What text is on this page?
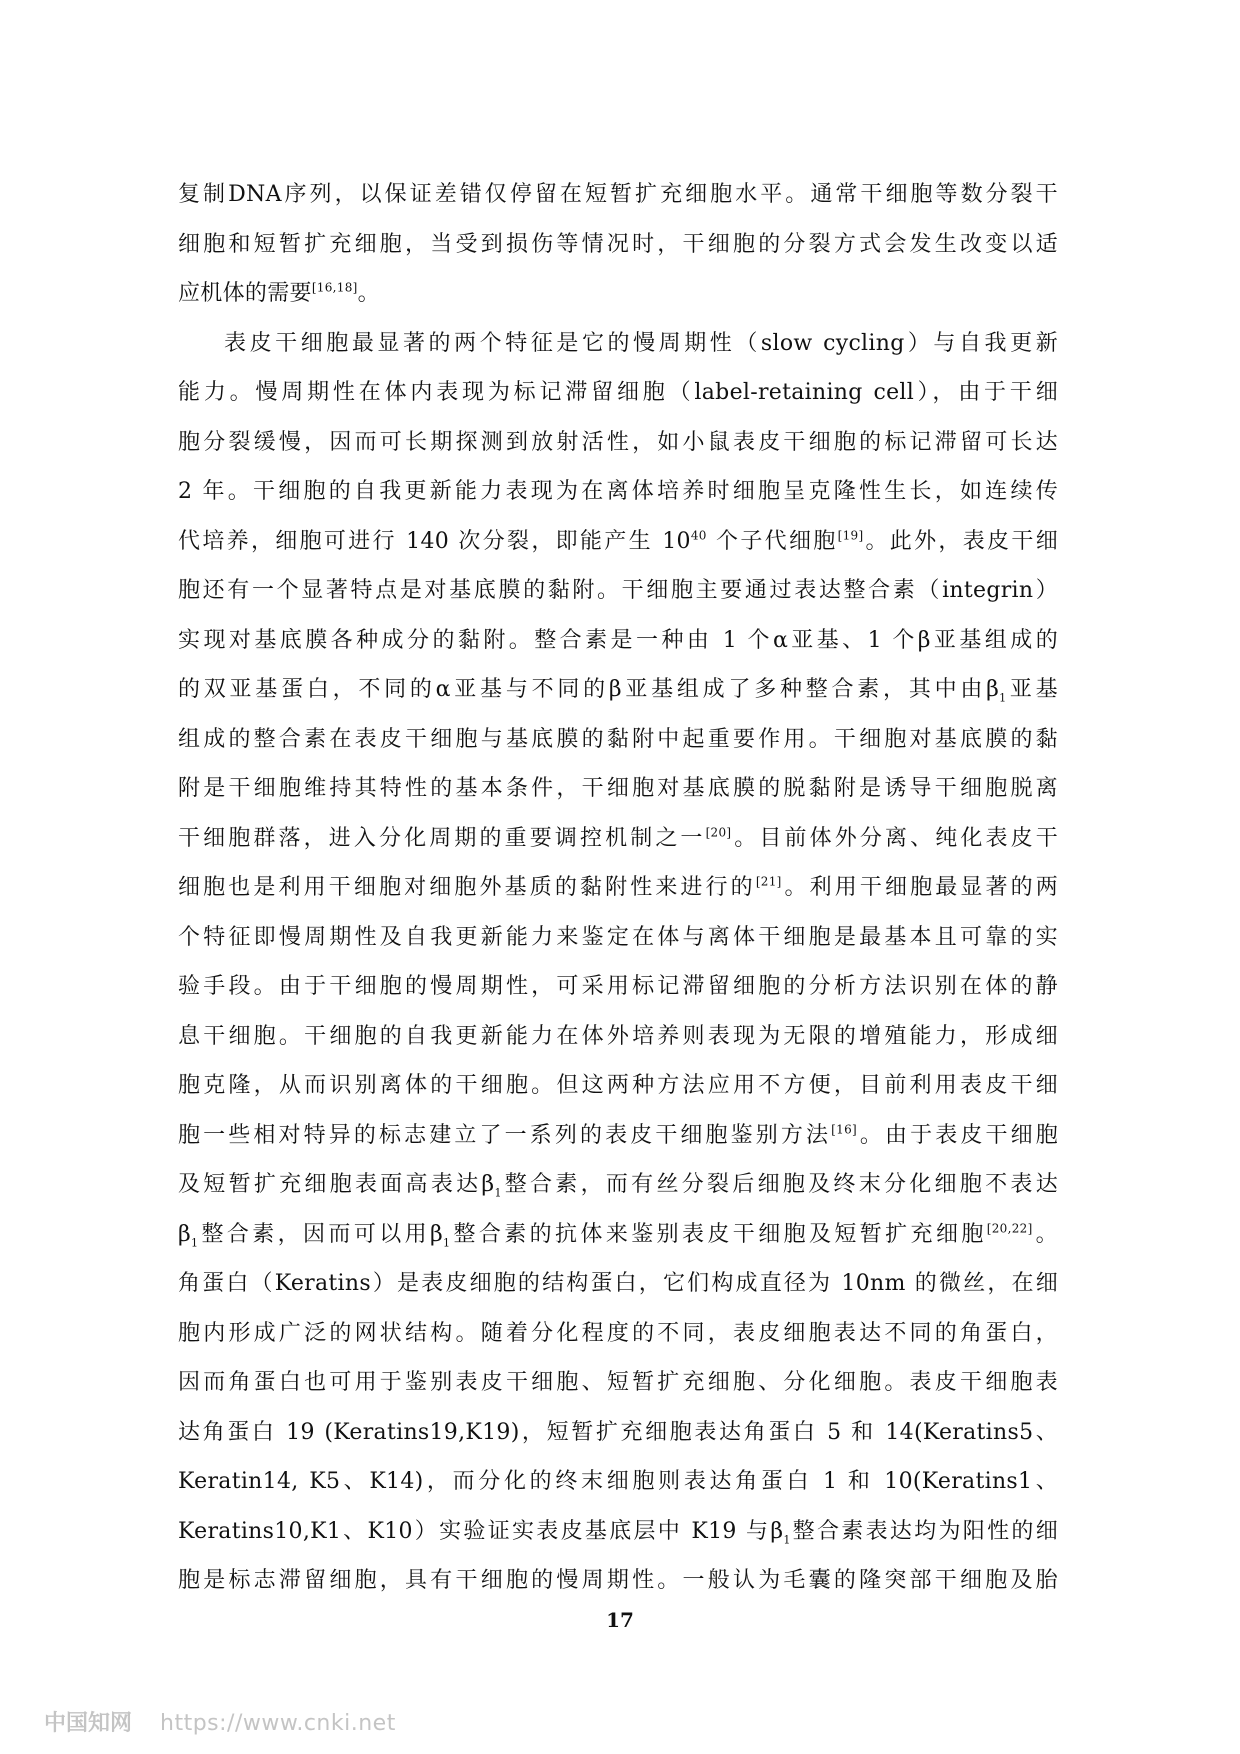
复制DNA序列，以保证差错仅停留在短暂扩充细胞水平。通常干细胞等数分裂干
细胞和短暂扩充细胞，当受到损伤等情况时，干细胞的分裂方式会发生改变以适
应机体的需要[16,18]。
表皮干细胞最显著的两个特征是它的慢周期性（slow cycling）与自我更新
能力。慢周期性在体内表现为标记滞留细胞（label-retaining cell），由于干细
胞分裂缓慢，因而可长期探测到放射活性，如小鼠表皮干细胞的标记滞留可长达
2 年。干细胞的自我更新能力表现为在离体培养时细胞呈克隆性生长，如连续传
代培养，细胞可进行 140 次分裂，即能产生 $10^{40}$ 个子代细胞[19]。此外，表皮干细
胞还有一个显著特点是对基底膜的黏附。干细胞主要通过表达整合素（integrin）
实现对基底膜各种成分的黏附。整合素是一种由 1 个α亚基、1 个β亚基组成的
的双亚基蛋白，不同的α亚基与不同的β亚基组成了多种整合素，其中由$\beta_1$亚基
组成的整合素在表皮干细胞与基底膜的黏附中起重要作用。干细胞对基底膜的黏
附是干细胞维持其特性的基本条件，干细胞对基底膜的脱黏附是诱导干细胞脱离
干细胞群落，进入分化周期的重要调控机制之一[20]。目前体外分离、纯化表皮干
细胞也是利用干细胞对细胞外基质的黏附性来进行的[21]。利用干细胞最显著的两
个特征即慢周期性及自我更新能力来鉴定在体与离体干细胞是最基本且可靠的实
验手段。由于干细胞的慢周期性，可采用标记滞留细胞的分析方法识别在体的静
息干细胞。干细胞的自我更新能力在体外培养则表现为无限的增殖能力，形成细
胞克隆，从而识别离体的干细胞。但这两种方法应用不方便，目前利用表皮干细
胞一些相对特异的标志建立了一系列的表皮干细胞鉴别方法[16]。由于表皮干细胞
及短暂扩充细胞表面高表达$\beta_1$整合素，而有丝分裂后细胞及终末分化细胞不表达
$\beta_1$整合素，因而可以用$\beta_1$整合素的抗体来鉴别表皮干细胞及短暂扩充细胞[20,22]。
角蛋白（Keratins）是表皮细胞的结构蛋白，它们构成直径为 10nm 的微丝，在细
胞内形成广泛的网状结构。随着分化程度的不同，表皮细胞表达不同的角蛋白，
因而角蛋白也可用于鉴别表皮干细胞、短暂扩充细胞、分化细胞。表皮干细胞表
达角蛋白 19 (Keratins19,K19)，短暂扩充细胞表达角蛋白 5 和 14(Keratins5、
Keratin14, K5、K14)，而分化的终末细胞则表达角蛋白 1 和 10(Keratins1、
Keratins10,K1、K10）实验证实表皮基底层中 K19 与$\beta_1$整合素表达均为阳性的细
胞是标志滞留细胞，具有干细胞的慢周期性。一般认为毛囊的隆突部干细胞及胎
17
中国知网 https://www.cnki.net
